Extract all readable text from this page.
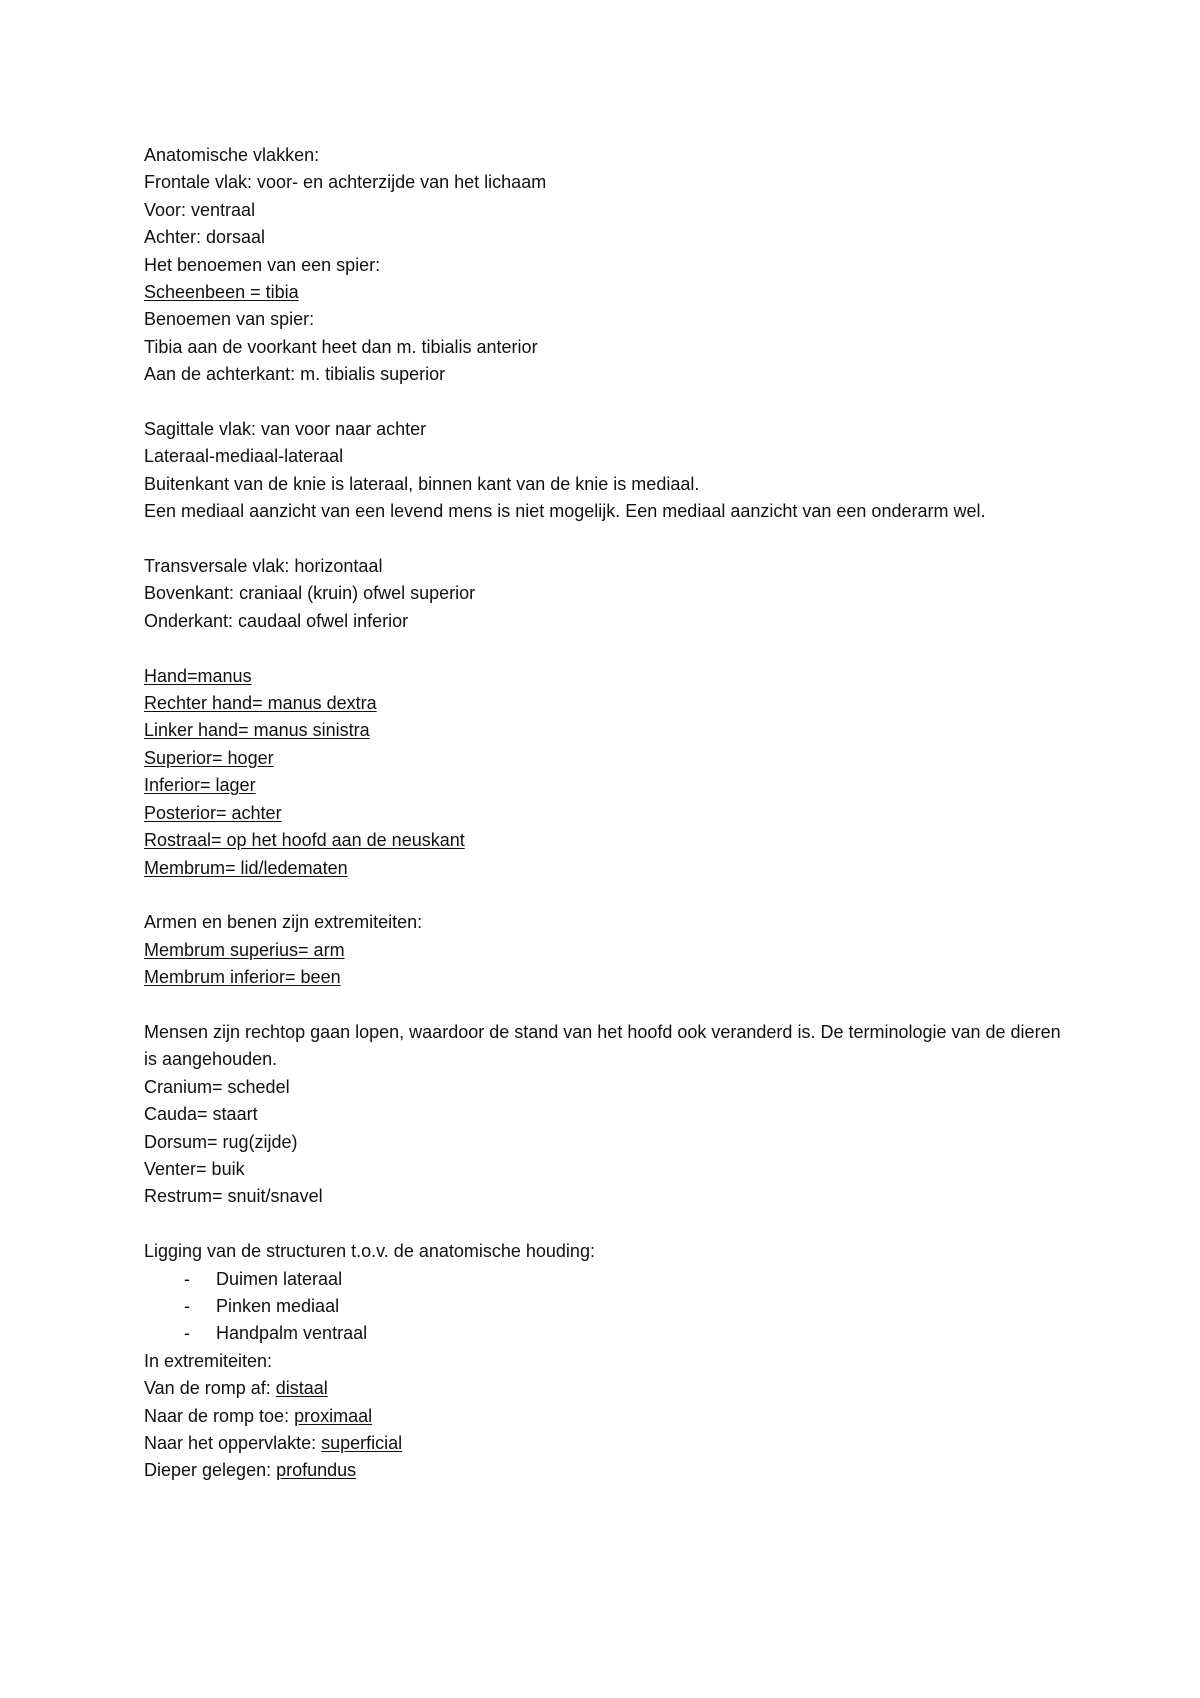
Anatomische vlakken:
Frontale vlak: voor- en achterzijde van het lichaam
Voor: ventraal
Achter: dorsaal
Het benoemen van een spier:
Scheenbeen = tibia
Benoemen van spier:
Tibia aan de voorkant heet dan m. tibialis anterior
Aan de achterkant: m. tibialis superior
Sagittale vlak: van voor naar achter
Lateraal-mediaal-lateraal
Buitenkant van de knie is lateraal, binnen kant van de knie is mediaal.
Een mediaal aanzicht van een levend mens is niet mogelijk. Een mediaal aanzicht van een onderarm wel.
Transversale vlak: horizontaal
Bovenkant: craniaal (kruin) ofwel superior
Onderkant: caudaal ofwel inferior
Hand=manus
Rechter hand= manus dextra
Linker hand= manus sinistra
Superior= hoger
Inferior= lager
Posterior= achter
Rostraal= op het hoofd aan de neuskant
Membrum= lid/ledematen
Armen en benen zijn extremiteiten:
Membrum superius= arm
Membrum inferior= been
Mensen zijn rechtop gaan lopen, waardoor de stand van het hoofd ook veranderd is. De terminologie van de dieren is aangehouden.
Cranium= schedel
Cauda= staart
Dorsum= rug(zijde)
Venter= buik
Restrum= snuit/snavel
Ligging van de structuren t.o.v. de anatomische houding:
- Duimen lateraal
- Pinken mediaal
- Handpalm ventraal
In extremiteiten:
Van de romp af: distaal
Naar de romp toe: proximaal
Naar het oppervlakte: superficial
Dieper gelegen: profundus
